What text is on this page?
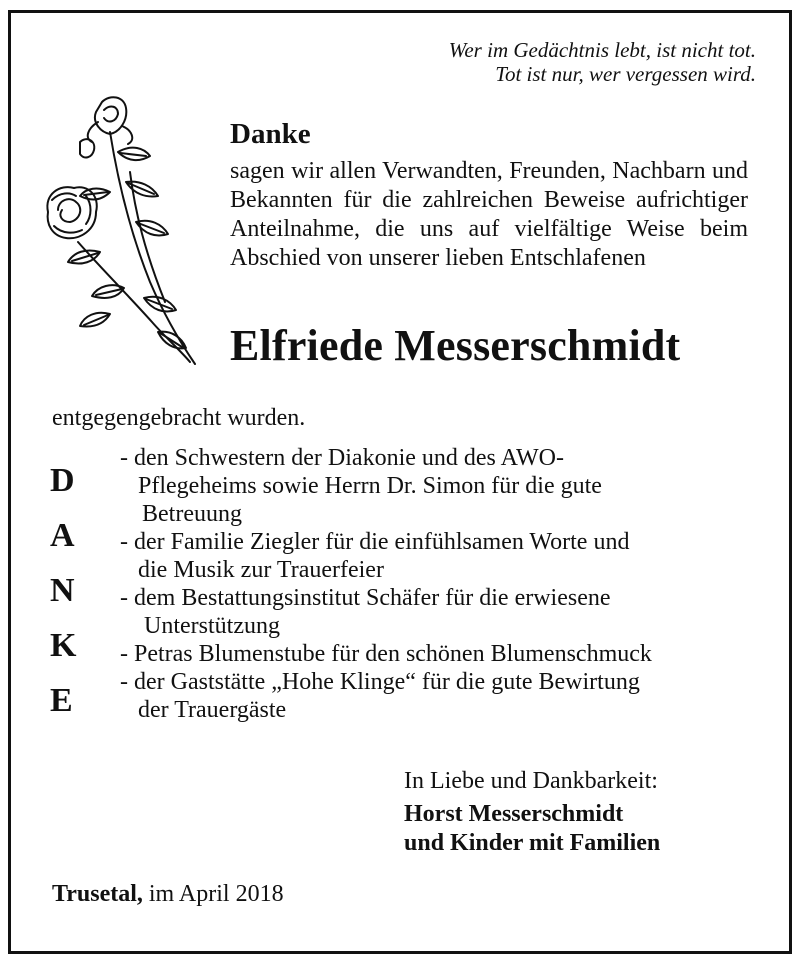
Wer im Gedächtnis lebt, ist nicht tot.
Tot ist nur, wer vergessen wird.
Danke
sagen wir allen Verwandten, Freunden, Nachbarn und Bekannten für die zahlreichen Beweise aufrichtiger Anteilnahme, die uns auf vielfältige Weise beim Abschied von unserer lieben Entschlafenen
Elfriede Messerschmidt
entgegengebracht wurden.
D
A
N
K
E
- den Schwestern der Diakonie und des AWO-
Pflegeheims sowie Herrn Dr. Simon für die gute
Betreuung
- der Familie Ziegler für die einfühlsamen Worte und
die Musik zur Trauerfeier
- dem Bestattungsinstitut Schäfer für die erwiesene
Unterstützung
- Petras Blumenstube für den schönen Blumenschmuck
- der Gaststätte „Hohe Klinge“ für die gute Bewirtung
der Trauergäste
In Liebe und Dankbarkeit:
Horst Messerschmidt
und Kinder mit Familien
Trusetal, im April 2018
